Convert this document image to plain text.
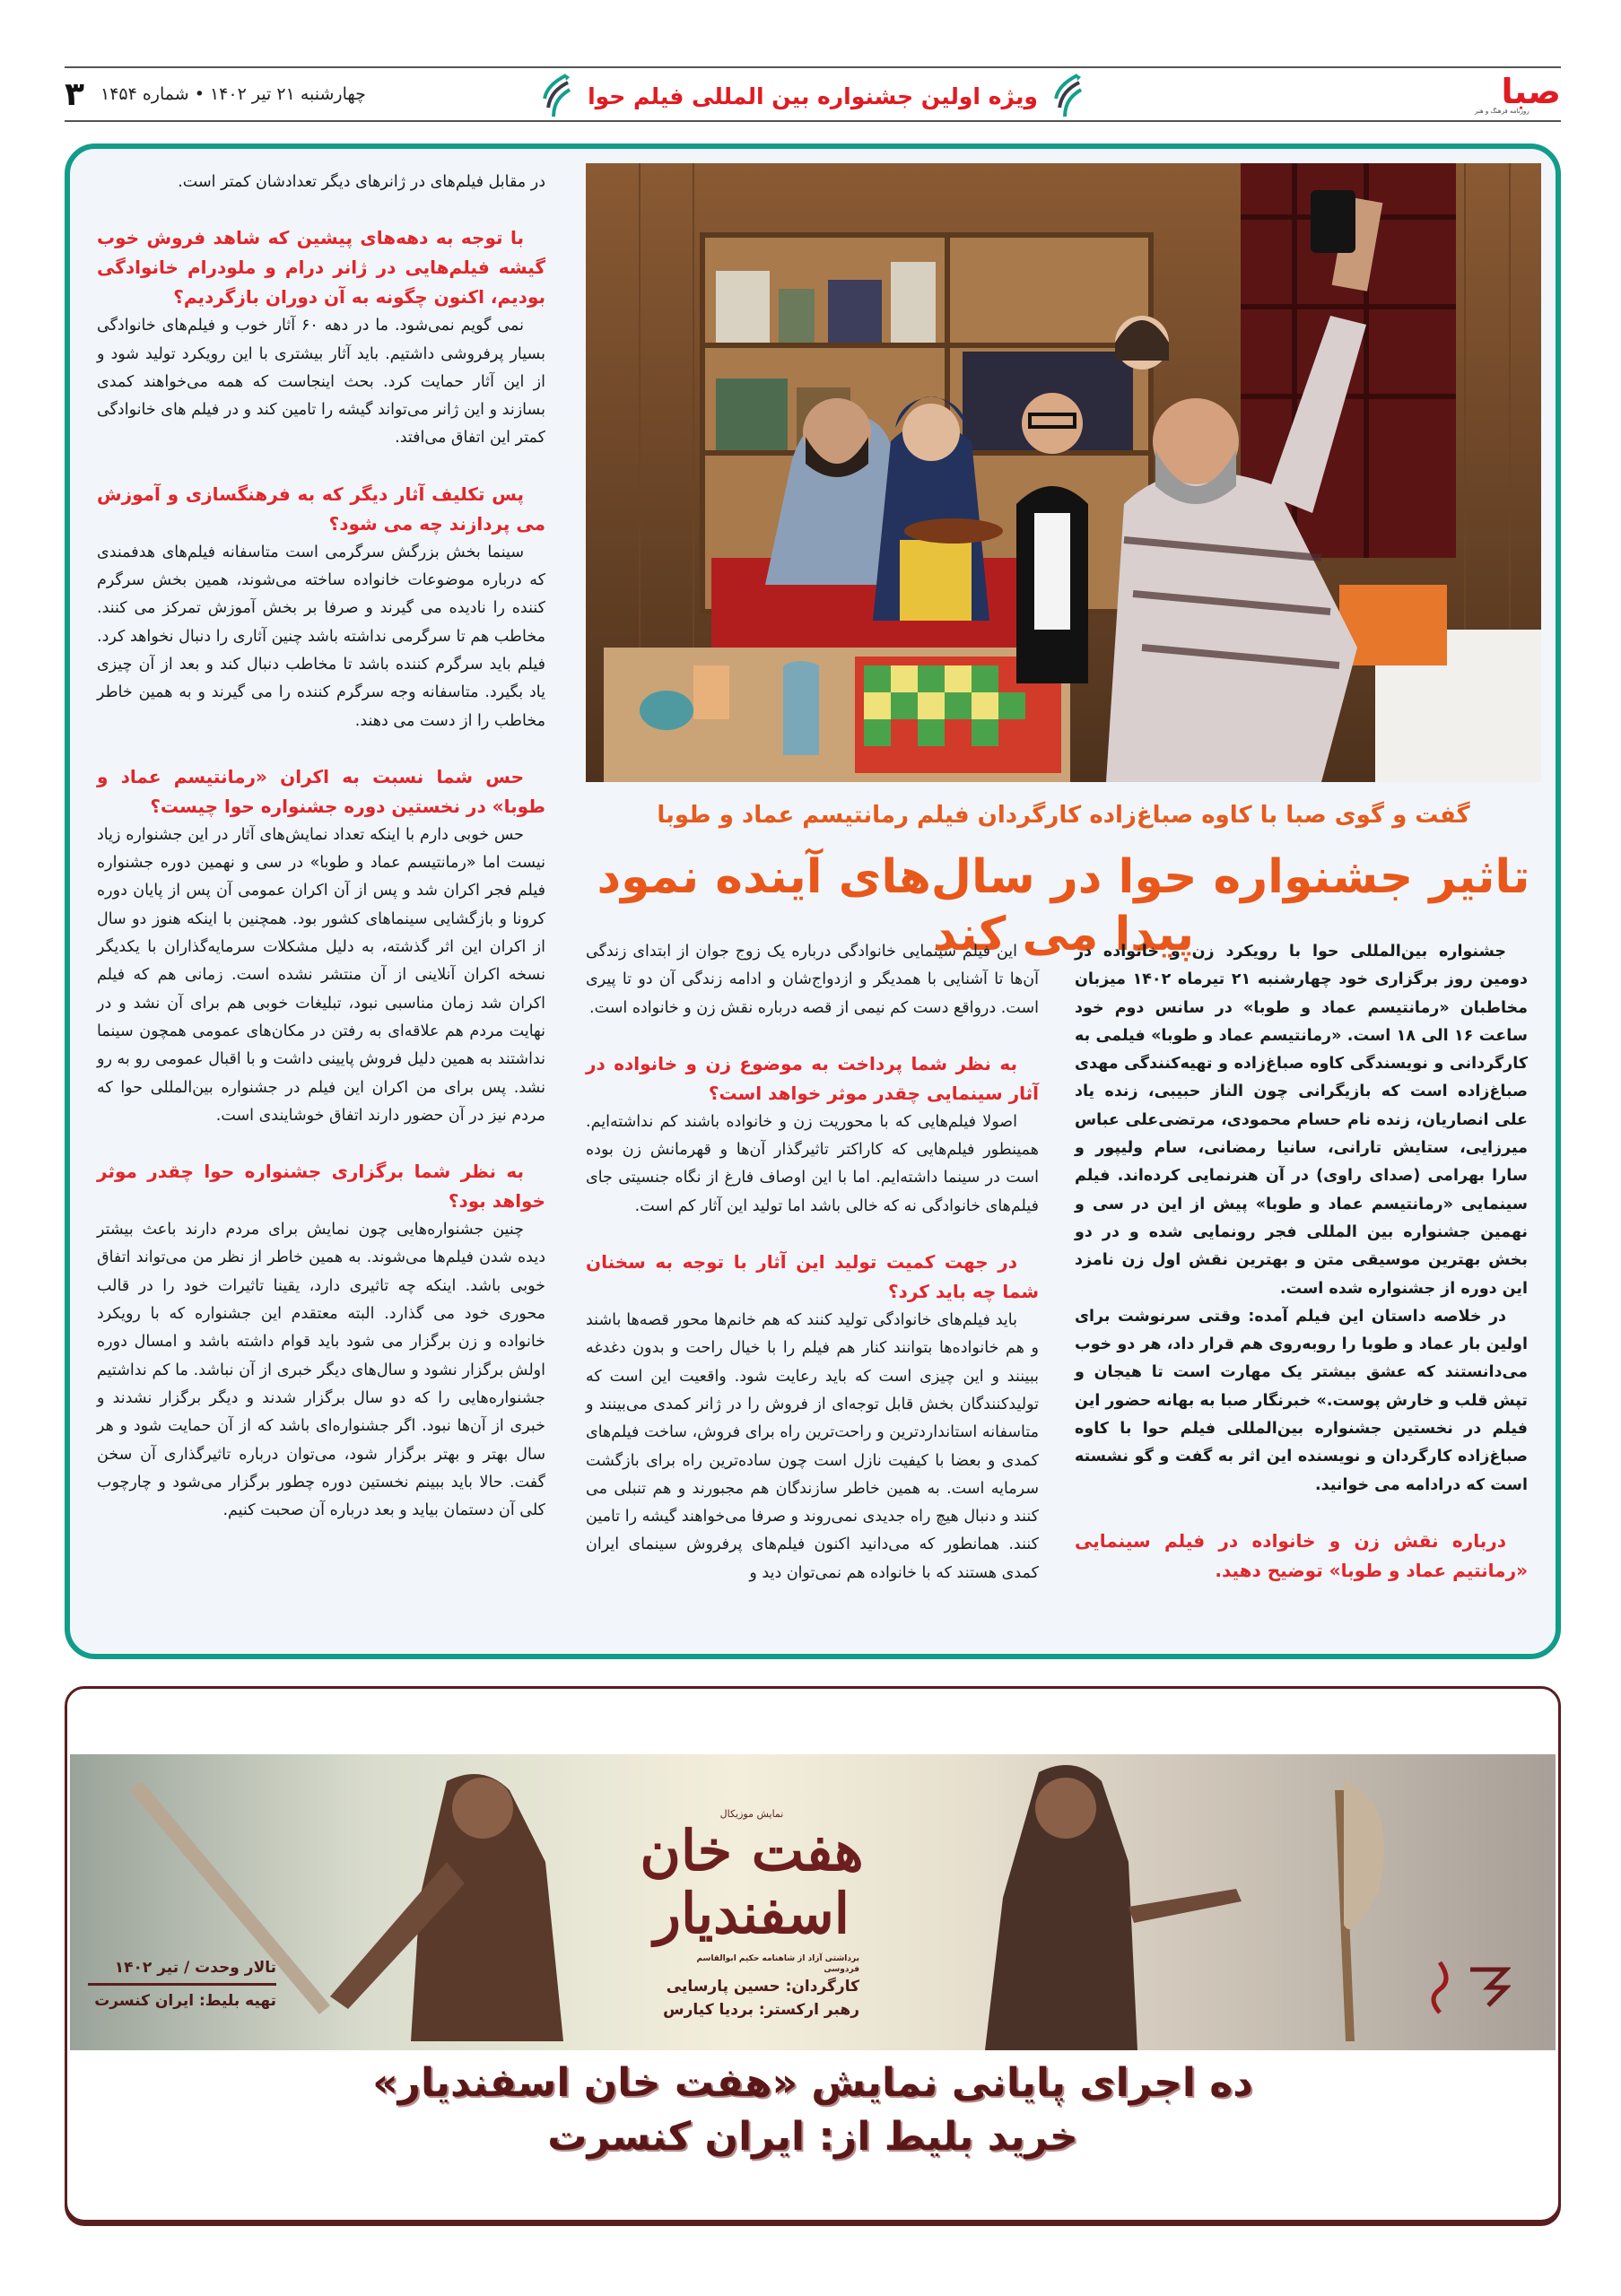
صبا
روزنامه فرهنگ و هنر
ویژه اولین جشنواره بین المللی فیلم حوا
چهارشنبه ۲۱ تیر ۱۴۰۲ • شماره ۱۴۵۴
۳
گفت و گوی صبا با کاوه صباغ‌زاده کارگردان فیلم رمانتیسم عماد و طوبا
تاثیر جشنواره حوا در سال‌های آینده نمود پیدا می کند

جشنواره بین‌المللی حوا با رویکرد زن و خانواده در دومین روز برگزاری خود چهارشنبه ۲۱ تیرماه ۱۴۰۲ میزبان مخاطبان «رمانتیسم عماد و طوبا» در سانس دوم خود ساعت ۱۶ الی ۱۸ است. «رمانتیسم عماد و طوبا» فیلمی به کارگردانی و نویسندگی کاوه صباغ‌زاده و تهیه‌کنندگی مهدی صباغ‌زاده است که بازیگرانی چون الناز حبیبی، زنده یاد علی انصاریان، زنده نام حسام محمودی، مرتضی‌علی عباس میرزایی، ستایش تارانی، سانیا رمضانی، سام ولیپور و سارا بهرامی (صدای راوی) در آن هنرنمایی کرده‌اند. فیلم سینمایی «رمانتیسم عماد و طوبا» پیش از این در سی و نهمین جشنواره بین المللی فجر رونمایی شده و در دو بخش بهترین موسیقی متن و بهترین نقش اول زن نامزد این دوره از جشنواره شده است.

در خلاصه داستان این فیلم آمده: وقتی سرنوشت برای اولین بار عماد و طوبا را روبه‌روی هم قرار داد، هر دو خوب می‌دانستند که عشق بیشتر یک مهارت است تا هیجان و تپش قلب و خارش پوست.» خبرنگار صبا به بهانه حضور این فیلم در نخستین جشنواره بین‌المللی فیلم حوا با کاوه صباغ‌زاده کارگردان و نویسنده این اثر به گفت و گو نشسته است که درادامه می خوانید.

درباره نقش زن و خانواده در فیلم سینمایی «رمانتیم عماد و طوبا» توضیح دهید.

این فیلم سینمایی خانوادگی درباره یک زوج جوان از ابتدای زندگی آن‌ها تا آشنایی با همدیگر و ازدواج‌شان و ادامه زندگی آن دو تا پیری است. درواقع دست کم نیمی از قصه درباره نقش زن و خانواده است.

به نظر شما پرداخت به موضوع زن و خانواده در آثار سینمایی چقدر موثر خواهد است؟

اصولا فیلم‌هایی که با محوریت زن و خانواده باشند کم نداشته‌ایم. همینطور فیلم‌هایی که کاراکتر تاثیرگذار آن‌ها و قهرمانش زن بوده است در سینما داشته‌ایم. اما با این اوصاف فارغ از نگاه جنسیتی جای فیلم‌های خانوادگی نه که خالی باشد اما تولید این آثار کم است.

در جهت کمیت تولید این آثار با توجه به سخنان شما چه باید کرد؟

باید فیلم‌های خانوادگی تولید کنند که هم خانم‌ها محور قصه‌ها باشند و هم خانواده‌ها بتوانند کنار هم فیلم را با خیال راحت و بدون دغدغه ببینند و این چیزی است که باید رعایت شود. واقعیت این است که تولیدکنندگان بخش قابل توجه‌ای از فروش را در ژانر کمدی می‌بینند و متاسفانه استانداردترین و راحت‌ترین راه برای فروش، ساخت فیلم‌های کمدی و بعضا با کیفیت نازل است چون ساده‌ترین راه برای بازگشت سرمایه است. به همین خاطر سازندگان هم مجبورند و هم تنبلی می کنند و دنبال هیچ راه جدیدی نمی‌روند و صرفا می‌خواهند گیشه را تامین کنند. همانطور که می‌دانید اکنون فیلم‌های پرفروش سینمای ایران کمدی هستند که با خانواده هم نمی‌توان دید و

در مقابل فیلم‌های در ژانرهای دیگر تعدادشان کمتر است.

با توجه به دهه‌های پیشین که شاهد فروش خوب گیشه فیلم‌هایی در ژانر درام و ملودرام خانوادگی بودیم، اکنون چگونه به آن دوران بازگردیم؟

نمی گویم نمی‌شود. ما در دهه ۶۰ آثار خوب و فیلم‌های خانوادگی بسیار پرفروشی داشتیم. باید آثار بیشتری با این رویکرد تولید شود و از این آثار حمایت کرد. بحث اینجاست که همه می‌خواهند کمدی بسازند و این ژانر می‌تواند گیشه را تامین کند و در فیلم های خانوادگی کمتر این اتفاق می‌افتد.

پس تکلیف آثار دیگر که به فرهنگسازی و آموزش می پردازند چه می شود؟

سینما بخش بزرگش سرگرمی است متاسفانه فیلم‌های هدفمندی که درباره موضوعات خانواده ساخته می‌شوند، همین بخش سرگرم کننده را نادیده می گیرند و صرفا بر بخش آموزش تمرکز می کنند. مخاطب هم تا سرگرمی نداشته باشد چنین آثاری را دنبال نخواهد کرد. فیلم باید سرگرم کننده باشد تا مخاطب دنبال کند و بعد از آن چیزی یاد بگیرد. متاسفانه وجه سرگرم کننده را می گیرند و به همین خاطر مخاطب را از دست می دهند.

حس شما نسبت به اکران «رمانتیسم عماد و طوبا» در نخستین دوره جشنواره حوا چیست؟

حس خوبی دارم با اینکه تعداد نمایش‌های آثار در این جشنواره زیاد نیست اما «رمانتیسم عماد و طوبا» در سی و نهمین دوره جشنواره فیلم فجر اکران شد و پس از آن اکران عمومی آن پس از پایان دوره کرونا و بازگشایی سینماهای کشور بود. همچنین با اینکه هنوز دو سال از اکران این اثر گذشته، به دلیل مشکلات سرمایه‌گذاران با یکدیگر نسخه اکران آنلاینی از آن منتشر نشده است. زمانی هم که فیلم اکران شد زمان مناسبی نبود، تبلیغات خوبی هم برای آن نشد و در نهایت مردم هم علاقه‌ای به رفتن در مکان‌های عمومی همچون سینما نداشتند به همین دلیل فروش پایینی داشت و با اقبال عمومی رو به رو نشد. پس برای من اکران این فیلم در جشنواره بین‌المللی حوا که مردم نیز در آن حضور دارند اتفاق خوشایندی است.

به نظر شما برگزاری جشنواره حوا چقدر موثر خواهد بود؟

چنین جشنواره‌هایی چون نمایش برای مردم دارند باعث بیشتر دیده شدن فیلم‌ها می‌شوند. به همین خاطر از نظر من می‌تواند اتفاق خوبی باشد. اینکه چه تاثیری دارد، یقینا تاثیرات خود را در قالب محوری خود می گذارد. البته معتقدم این جشنواره که با رویکرد خانواده و زن برگزار می شود باید قوام داشته باشد و امسال دوره اولش برگزار نشود و سال‌های دیگر خبری از آن نباشد. ما کم نداشتیم جشنواره‌هایی را که دو سال برگزار شدند و دیگر برگزار نشدند و خبری از آن‌ها نبود. اگر جشنواره‌ای باشد که از آن حمایت شود و هر سال بهتر و بهتر برگزار شود، می‌توان درباره تاثیرگذاری آن سخن گفت. حالا باید ببینم نخستین دوره چطور برگزار می‌شود و چارچوب کلی آن دستمان بیاید و بعد درباره آن صحبت کنیم.

نمایش موزیکال
هفت خان اسفندیار
برداشتی آزاد از شاهنامه حکیم ابوالقاسم فردوسی
کارگردان: حسین پارسایی
رهبر ارکستر: بردیا کیارس
تالار وحدت / تیر ۱۴۰۲
تهیه بلیط: ایران کنسرت
ده اجرای پایانی نمایش «هفت خان اسفندیار»
خرید بلیط از: ایران کنسرت
